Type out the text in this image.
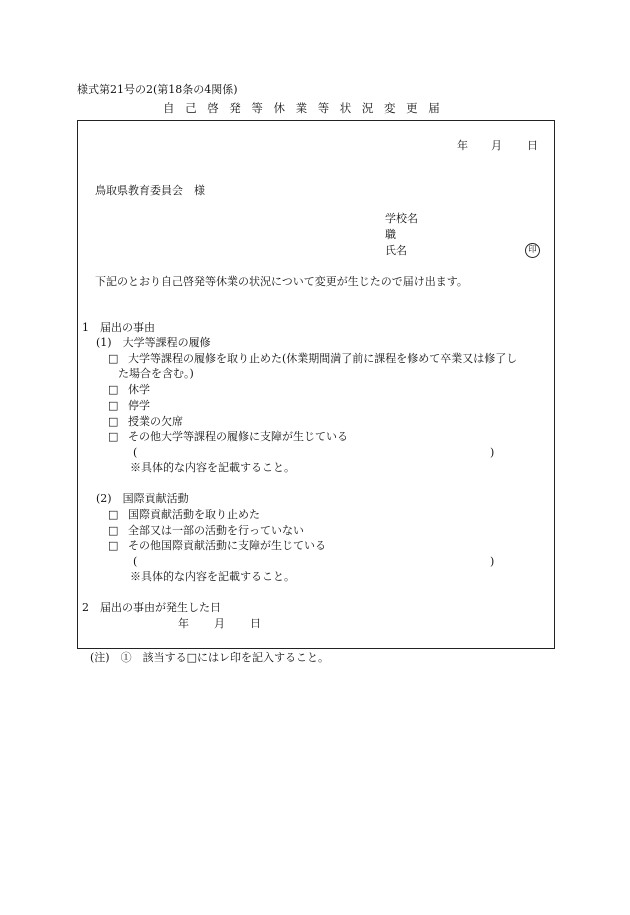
様式第21号の2(第18条の4関係)
自己啓発等休業等状況変更届
年 月 日
鳥取県教育委員会　様
学校名
職
氏名	印
下記のとおり自己啓発等休業の状況について変更が生じたので届け出ます。
1　届出の事由
(1)　大学等課程の履修
□ 大学等課程の履修を取り止めた(休業期間満了前に課程を修めて卒業又は修了し
た場合を含む。)
□ 休学
□ 停学
□ 授業の欠席
□ その他大学等課程の履修に支障が生じている
(	)
※具体的な内容を記載すること。
(2)　国際貢献活動
□ 国際貢献活動を取り止めた
□ 全部又は一部の活動を行っていない
□ その他国際貢献活動に支障が生じている
(	)
※具体的な内容を記載すること。
2　届出の事由が発生した日
年 月 日
(注)　①　該当する□にはレ印を記入すること。
